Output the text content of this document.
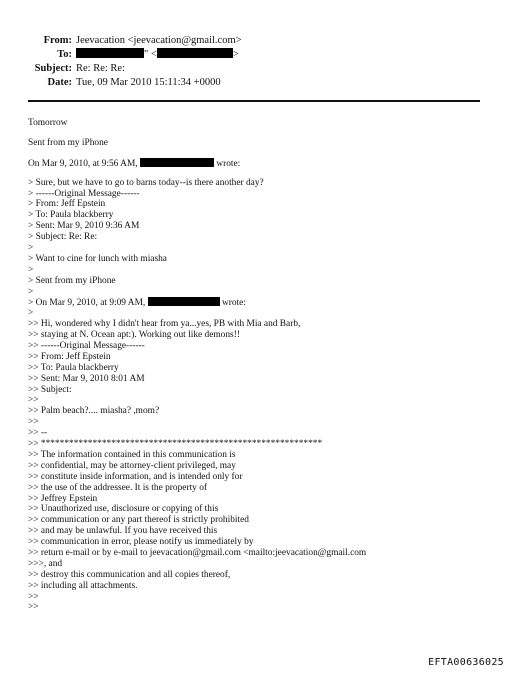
From: Jeevacation <jeevacation@gmail.com>
To:	" <	>
Subject: Re: Re: Re:
Date: Tue, 09 Mar 2010 15:11:34 +0000
Tomorrow
Sent from my iPhone
On Mar 9, 2010, at 9:56 AM,	wrote:
> Sure, but we have to go to barns today--is there another day?
> ------Original Message------
> From: Jeff Epstein
> To: Paula blackberry
> Sent: Mar 9, 2010 9:36 AM
> Subject: Re: Re:
>
> Want to cine for lunch with miasha
>
> Sent from my iPhone
>
> On Mar 9, 2010, at 9:09 AM,	wrote:
>
>> Hi, wondered why I didn't hear from ya...yes, PB with Mia and Barb,
>> staying at N. Ocean apt:). Working out like demons!!
>> ------Original Message------
>> From: Jeff Epstein
>> To: Paula blackberry
>> Sent: Mar 9, 2010 8:01 AM
>> Subject:
>>
>> Palm beach?.... miasha? ,mom?
>>
>> --
>> ************************************************************
>> The information contained in this communication is
>> confidential, may be attorney-client privileged, may
>> constitute inside information, and is intended only for
>> the use of the addressee. It is the property of
>> Jeffrey Epstein
>> Unauthorized use, disclosure or copying of this
>> communication or any part thereof is strictly prohibited
>> and may be unlawful. If you have received this
>> communication in error, please notify us immediately by
>> return e-mail or by e-mail to jeevacation@gmail.com <mailto:jeevacation@gmail.com
>>>, and
>> destroy this communication and all copies thereof,
>> including all attachments.
>>
>>
EFTA00636025
